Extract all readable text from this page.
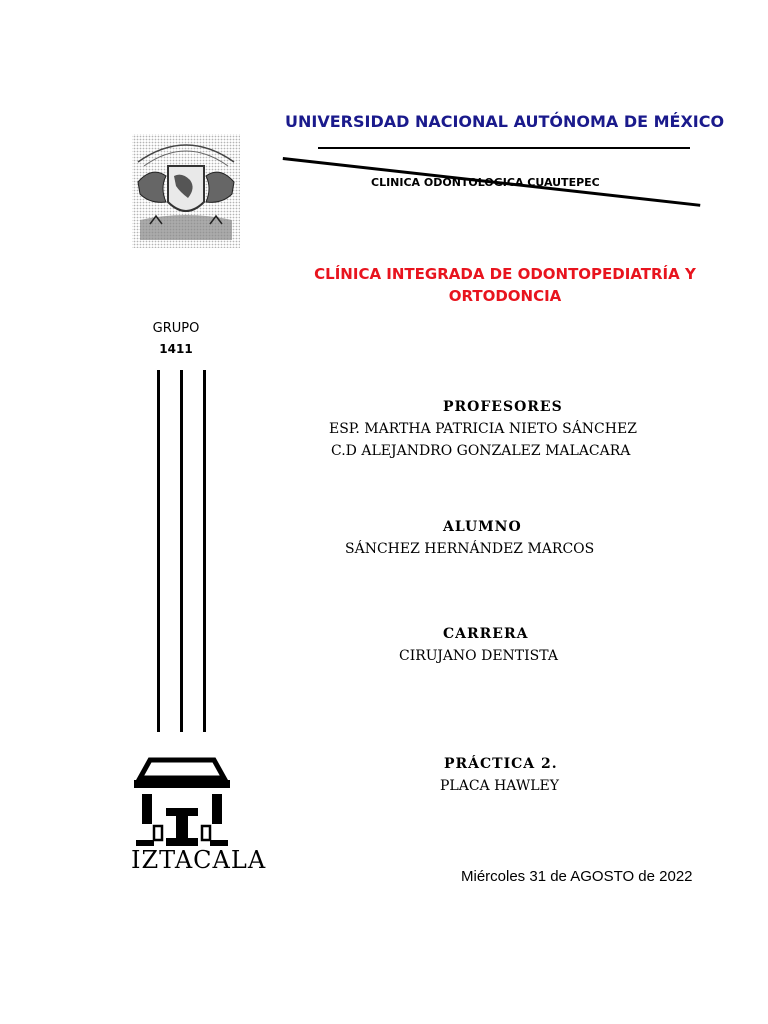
UNIVERSIDAD NACIONAL AUTÓNOMA DE MÉXICO
CLINICA ODONTOLOGICA CUAUTEPEC
CLÍNICA INTEGRADA DE ODONTOPEDIATRÍA Y
ORTODONCIA
GRUPO
1411
IZTACALA
PROFESORES
ESP. MARTHA PATRICIA NIETO SÁNCHEZ
C.D ALEJANDRO GONZALEZ MALACARA
ALUMNO
SÁNCHEZ HERNÁNDEZ MARCOS
CARRERA
CIRUJANO DENTISTA
PRÁCTICA 2.
PLACA HAWLEY
Miércoles 31 de AGOSTO de 2022
